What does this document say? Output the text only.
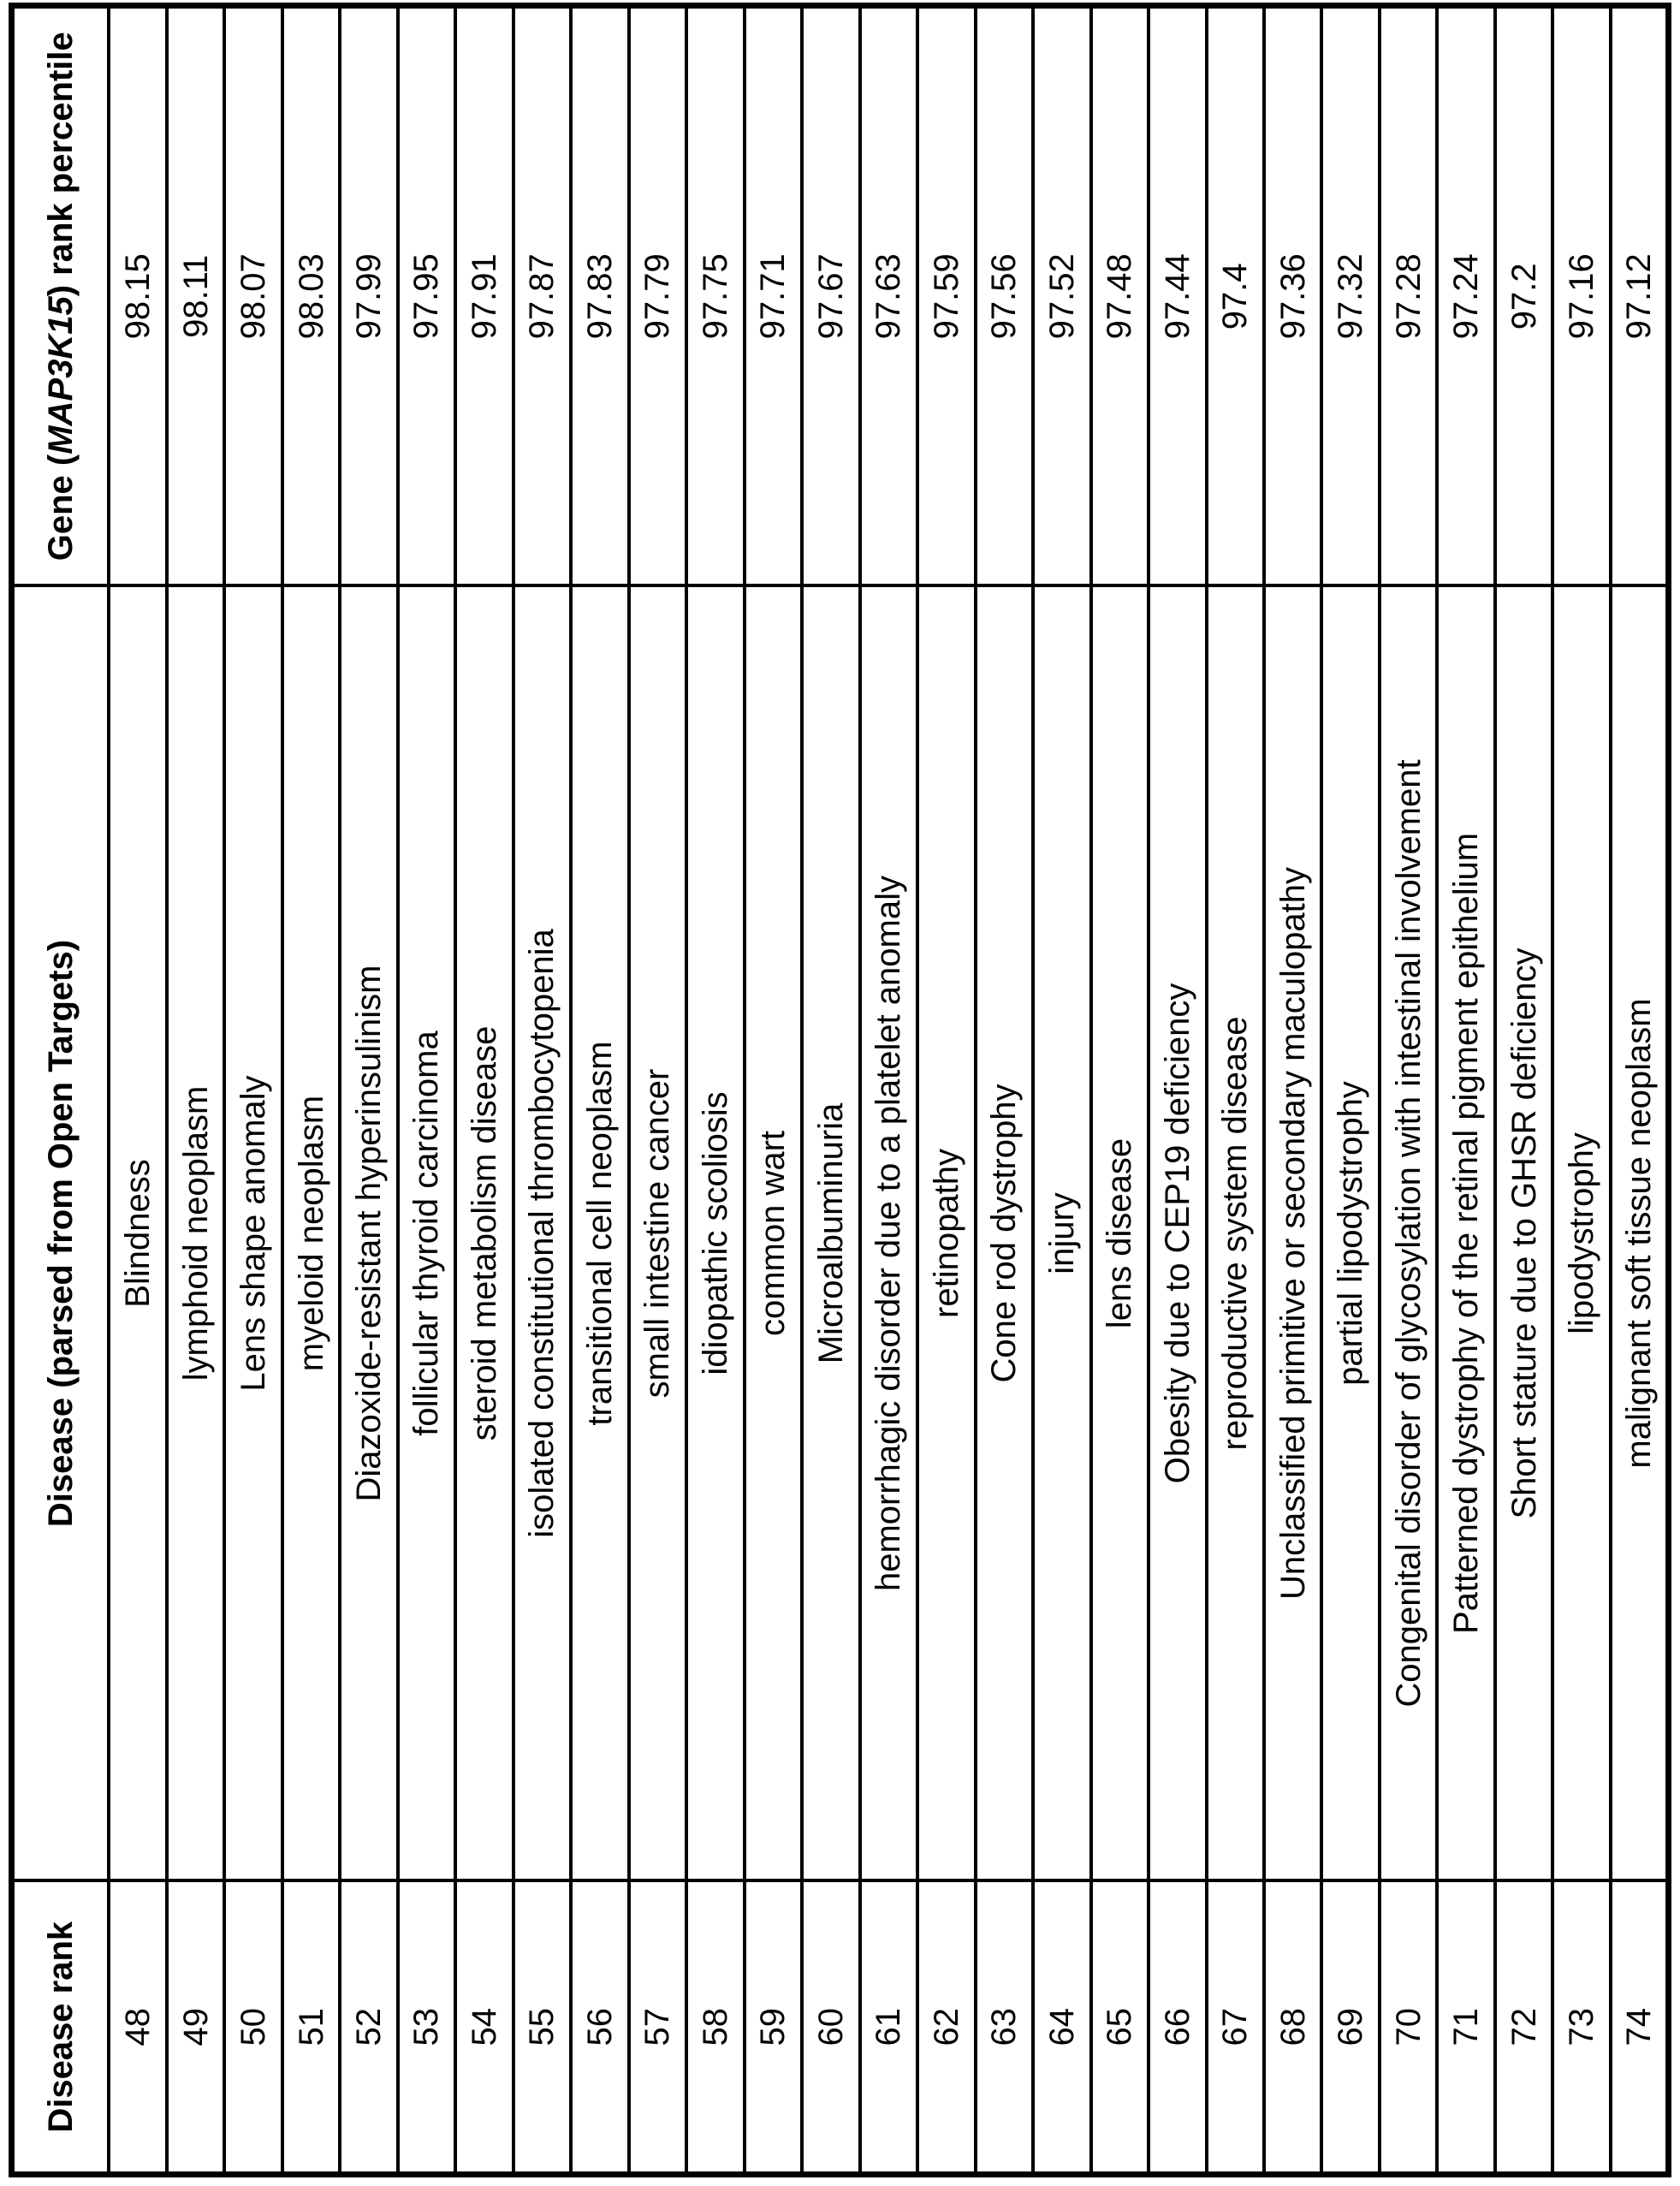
Disease rank	Disease (parsed from Open Targets)	Gene (MAP3K15) rank percentile
48	Blindness	98.15
49	lymphoid neoplasm	98.11
50	Lens shape anomaly	98.07
51	myeloid neoplasm	98.03
52	Diazoxide-resistant hyperinsulinism	97.99
53	follicular thyroid carcinoma	97.95
54	steroid metabolism disease	97.91
55	isolated constitutional thrombocytopenia	97.87
56	transitional cell neoplasm	97.83
57	small intestine cancer	97.79
58	idiopathic scoliosis	97.75
59	common wart	97.71
60	Microalbuminuria	97.67
61	hemorrhagic disorder due to a platelet anomaly	97.63
62	retinopathy	97.59
63	Cone rod dystrophy	97.56
64	injury	97.52
65	lens disease	97.48
66	Obesity due to CEP19 deficiency	97.44
67	reproductive system disease	97.4
68	Unclassified primitive or secondary maculopathy	97.36
69	partial lipodystrophy	97.32
70	Congenital disorder of glycosylation with intestinal involvement	97.28
71	Patterned dystrophy of the retinal pigment epithelium	97.24
72	Short stature due to GHSR deficiency	97.2
73	lipodystrophy	97.16
74	malignant soft tissue neoplasm	97.12
